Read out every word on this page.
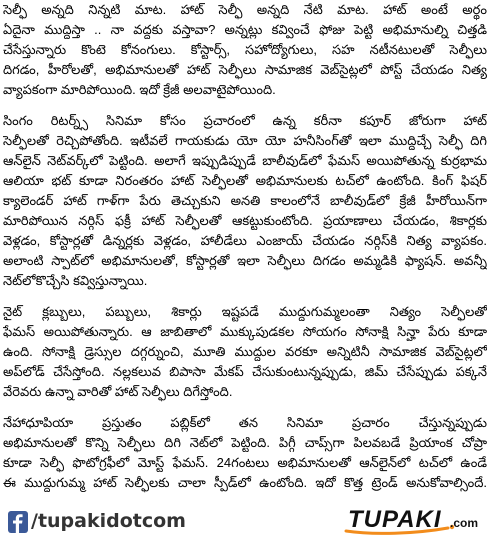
సెల్ఫీ అన్నది నిన్నటి మాట. హాట్ సెల్ఫీ అన్నది నేటి మాట. హాట్ అంటే అర్థం
ఏదైనా ముద్దిస్తా .. నా వద్దకు వస్తావా? అన్నట్లు కవ్వించే ఫోజు పెట్టి అభిమానుల్ని చిత్తడి
చేసేస్తున్నారు కొంటె కోనంగులు. కోస్టార్స్, సహోద్యోగులు, సహ నటీనటులతో సెల్ఫీలు
దిగడం, హీరోలతో, అభిమానులతో హాట్ సెల్ఫీలు సామాజిక వెబ్‌సైట్లలో పోస్ట్ చేయడం నిత్య
వ్యాపకంగా మారిపోయింది. ఇదో క్రేజీ అలవాటైపోయింది.
సింగం రిటర్న్స్ సినిమా కోసం ప్రచారంలో ఉన్న కరీనా కపూర్ జోరుగా హాట్
సెల్ఫీలతో రెచ్చిపోతోంది. ఇటీవలే గాయకుడు యో యో హనీసింగ్‌తో ఇలా ముద్దిచ్చే సెల్ఫీ దిగి
ఆన్‌లైన్ నెట్‌వర్క్‌లో పెట్టింది. అలాగే ఇప్పుడిప్పుడే బాలీవుడ్‌లో ఫేమస్ అయిపోతున్న కుర్రభామ
ఆలియా భట్ కూడా నిరంతరం హాట్ సెల్ఫీలతో అభిమానులకు టచ్‌లో ఉంటోంది. కింగ్ ఫిషర్
క్యాలెండర్ హాట్ గాళ్‌గా పేరు తెచ్చుకుని అనతి కాలంలోనే బాలీవుడ్‌లో క్రేజీ హీరోయిన్‌గా
మారిపోయిన నర్గిస్ ఫక్రీ హాట్ సెల్ఫీలతో ఆకట్టుకుంటోంది. ప్రయాణాలు చేయడం, శికార్లకు
వెళ్లడం, కోస్టార్లతో డిన్నర్లకు వెళ్లడం, హాలీడేలు ఎంజాయ్ చేయడం నర్గిస్‌కి నిత్య వ్యాపకం.
అలాంటి స్పాట్‌లో అభిమానులతో, కోస్టార్లతో ఇలా సెల్ఫీలు దిగడం అమ్మడికి ఫ్యాషన్. అవన్నీ
నెట్‌లోకొచ్చేసి కవ్విస్తున్నాయి.
నైట్ క్లబ్బులు, పబ్బులు, శికార్లు ఇష్టపడే ముద్దుగుమ్మలంతా నిత్యం సెల్ఫీలతో
ఫేమస్ అయిపోతున్నారు. ఆ జాబితాలో ముక్కుపుడకల సోయగం సోనాక్షి సిన్హా పేరు కూడా
ఉంది. సోనాక్షి డ్రెస్సుల దగ్గర్నుంచి, మూతి ముద్దుల వరకూ అన్నిటినీ సామాజిక వెబ్‌సైట్లలో
అప్‌లోడ్ చేసేస్తోంది. నల్లకలువ బిపాసా మేకప్ చేసుకుంటున్నప్పుడు, జిమ్ చేసేప్పుడు పక్కనే
వేరెవరు ఉన్నా వారితో హాట్ సెల్ఫీలు దిగేస్తోంది.
నేహాధూపియా ప్రస్తుతం పబ్లిక్‌లో తన సినిమా ప్రచారం చేస్తున్నప్పుడు
అభిమానులతో కొన్ని సెల్ఫీలు దిగి నెట్‌లో పెట్టింది. పిగ్గీ చాప్స్‌గా పిలవబడే ప్రియాంక చోప్రా
కూడా సెల్ఫీ ఫొటోగ్రఫీలో మోస్ట్ ఫేమస్. 24గంటలు అభిమానులతో ఆన్‌లైన్‌లో టచ్‌లో ఉండే
ఈ ముద్దుగుమ్మ హాట్ సెల్ఫీలకు చాలా స్పీడ్‌లో ఉంటోంది. ఇదో కొత్త ట్రెండ్ అనుకోవాల్సిందే.
/tupakidotcom	TUPAKI .com
